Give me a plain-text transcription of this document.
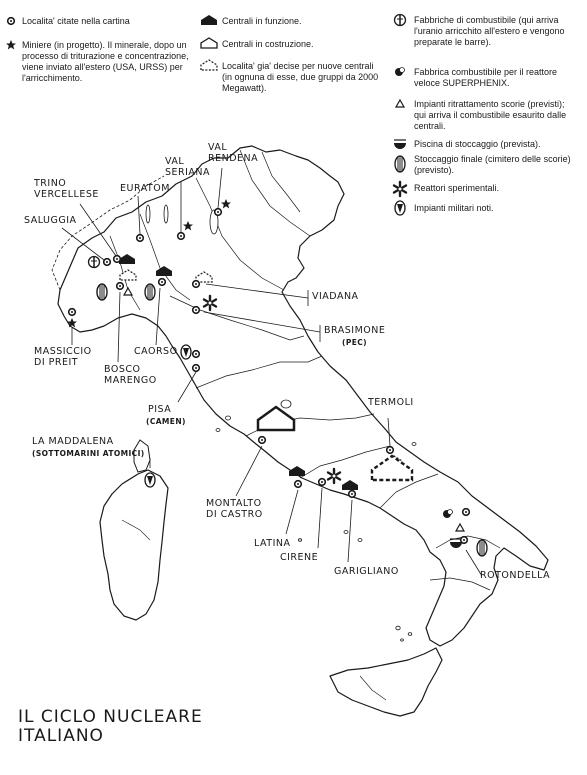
Localita' citate nella cartina
Miniere (in progetto). Il minerale, dopo un processo di triturazione e concentrazione, viene inviato all'estero (USA, URSS) per l'arricchimento.
Centrali in funzione.
Centrali in costruzione.
Localita' gia' decise per nuove centrali (in ognuna di esse, due gruppi da 2000 Megawatt).
Fabbriche di combustibile (qui arriva l'uranio arricchito all'estero e vengono preparate le barre).
Fabbrica combustibile per il reattore veloce SUPERPHENIX.
Impianti ritrattamento scorie (previsti); qui arriva il combustibile esaurito dalle centrali.
Piscina di stoccaggio (prevista).
Stoccaggio finale (cimitero delle scorie) (previsto).
Reattori sperimentali.
Impianti militari noti.
VAL
RENDENA
VAL
SERIANA
TRINO
VERCELLESE
EURATOM
SALUGGIA
VIADANA
BRASIMONE
(PEC)
MASSICCIO
DI PREIT
CAORSO
BOSCO
MARENGO
PISA
(CAMEN)
TERMOLI
LA MADDALENA
(SOTTOMARINI ATOMICI)
MONTALTO
DI CASTRO
LATINA
CIRENE
GARIGLIANO	ROTONDELLA
IL CICLO NUCLEARE
ITALIANO
